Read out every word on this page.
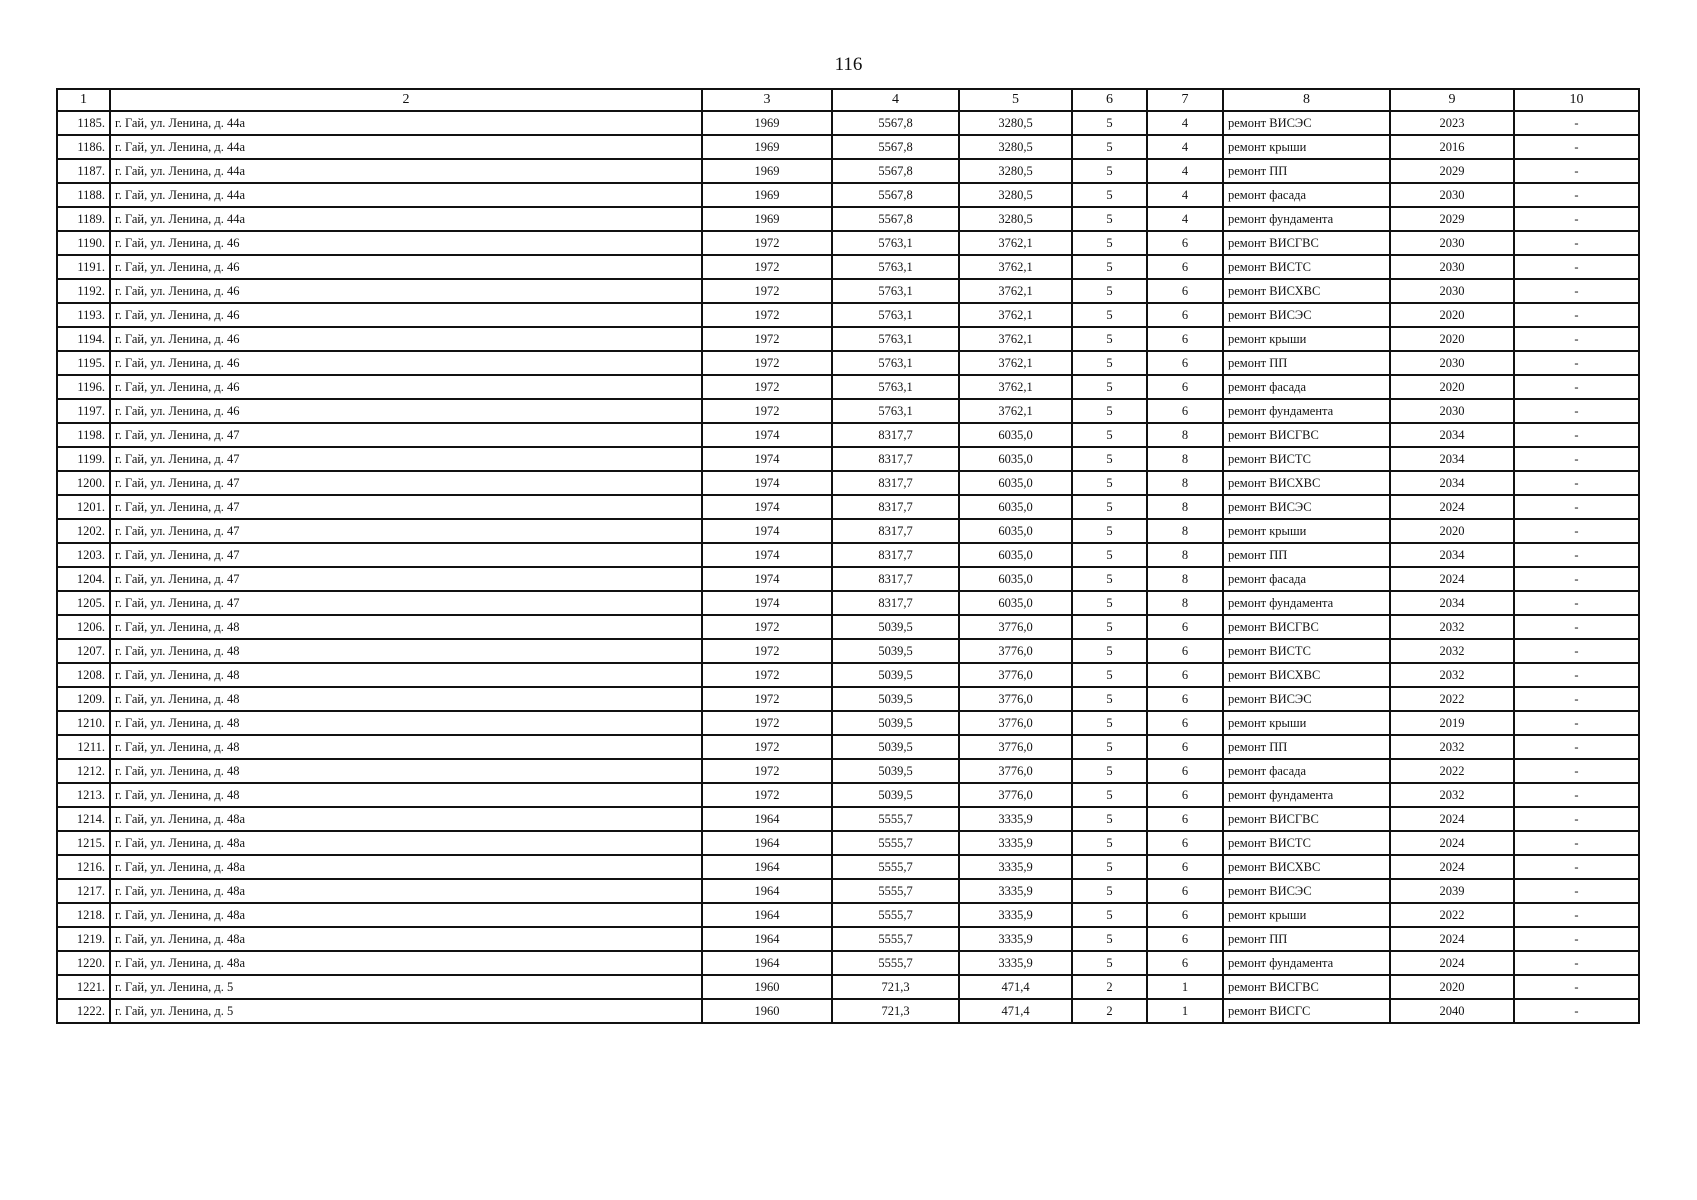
116
1	2	3	4	5	6	7	8	9	10
1185.	г. Гай, ул. Ленина, д. 44а	1969	5567,8	3280,5	5	4	ремонт ВИСЭС	2023	-
1186.	г. Гай, ул. Ленина, д. 44а	1969	5567,8	3280,5	5	4	ремонт крыши	2016	-
1187.	г. Гай, ул. Ленина, д. 44а	1969	5567,8	3280,5	5	4	ремонт ПП	2029	-
1188.	г. Гай, ул. Ленина, д. 44а	1969	5567,8	3280,5	5	4	ремонт фасада	2030	-
1189.	г. Гай, ул. Ленина, д. 44а	1969	5567,8	3280,5	5	4	ремонт фундамента	2029	-
1190.	г. Гай, ул. Ленина, д. 46	1972	5763,1	3762,1	5	6	ремонт ВИСГВС	2030	-
1191.	г. Гай, ул. Ленина, д. 46	1972	5763,1	3762,1	5	6	ремонт ВИСТС	2030	-
1192.	г. Гай, ул. Ленина, д. 46	1972	5763,1	3762,1	5	6	ремонт ВИСХВС	2030	-
1193.	г. Гай, ул. Ленина, д. 46	1972	5763,1	3762,1	5	6	ремонт ВИСЭС	2020	-
1194.	г. Гай, ул. Ленина, д. 46	1972	5763,1	3762,1	5	6	ремонт крыши	2020	-
1195.	г. Гай, ул. Ленина, д. 46	1972	5763,1	3762,1	5	6	ремонт ПП	2030	-
1196.	г. Гай, ул. Ленина, д. 46	1972	5763,1	3762,1	5	6	ремонт фасада	2020	-
1197.	г. Гай, ул. Ленина, д. 46	1972	5763,1	3762,1	5	6	ремонт фундамента	2030	-
1198.	г. Гай, ул. Ленина, д. 47	1974	8317,7	6035,0	5	8	ремонт ВИСГВС	2034	-
1199.	г. Гай, ул. Ленина, д. 47	1974	8317,7	6035,0	5	8	ремонт ВИСТС	2034	-
1200.	г. Гай, ул. Ленина, д. 47	1974	8317,7	6035,0	5	8	ремонт ВИСХВС	2034	-
1201.	г. Гай, ул. Ленина, д. 47	1974	8317,7	6035,0	5	8	ремонт ВИСЭС	2024	-
1202.	г. Гай, ул. Ленина, д. 47	1974	8317,7	6035,0	5	8	ремонт крыши	2020	-
1203.	г. Гай, ул. Ленина, д. 47	1974	8317,7	6035,0	5	8	ремонт ПП	2034	-
1204.	г. Гай, ул. Ленина, д. 47	1974	8317,7	6035,0	5	8	ремонт фасада	2024	-
1205.	г. Гай, ул. Ленина, д. 47	1974	8317,7	6035,0	5	8	ремонт фундамента	2034	-
1206.	г. Гай, ул. Ленина, д. 48	1972	5039,5	3776,0	5	6	ремонт ВИСГВС	2032	-
1207.	г. Гай, ул. Ленина, д. 48	1972	5039,5	3776,0	5	6	ремонт ВИСТС	2032	-
1208.	г. Гай, ул. Ленина, д. 48	1972	5039,5	3776,0	5	6	ремонт ВИСХВС	2032	-
1209.	г. Гай, ул. Ленина, д. 48	1972	5039,5	3776,0	5	6	ремонт ВИСЭС	2022	-
1210.	г. Гай, ул. Ленина, д. 48	1972	5039,5	3776,0	5	6	ремонт крыши	2019	-
1211.	г. Гай, ул. Ленина, д. 48	1972	5039,5	3776,0	5	6	ремонт ПП	2032	-
1212.	г. Гай, ул. Ленина, д. 48	1972	5039,5	3776,0	5	6	ремонт фасада	2022	-
1213.	г. Гай, ул. Ленина, д. 48	1972	5039,5	3776,0	5	6	ремонт фундамента	2032	-
1214.	г. Гай, ул. Ленина, д. 48а	1964	5555,7	3335,9	5	6	ремонт ВИСГВС	2024	-
1215.	г. Гай, ул. Ленина, д. 48а	1964	5555,7	3335,9	5	6	ремонт ВИСТС	2024	-
1216.	г. Гай, ул. Ленина, д. 48а	1964	5555,7	3335,9	5	6	ремонт ВИСХВС	2024	-
1217.	г. Гай, ул. Ленина, д. 48а	1964	5555,7	3335,9	5	6	ремонт ВИСЭС	2039	-
1218.	г. Гай, ул. Ленина, д. 48а	1964	5555,7	3335,9	5	6	ремонт крыши	2022	-
1219.	г. Гай, ул. Ленина, д. 48а	1964	5555,7	3335,9	5	6	ремонт ПП	2024	-
1220.	г. Гай, ул. Ленина, д. 48а	1964	5555,7	3335,9	5	6	ремонт фундамента	2024	-
1221.	г. Гай, ул. Ленина, д. 5	1960	721,3	471,4	2	1	ремонт ВИСГВС	2020	-
1222.	г. Гай, ул. Ленина, д. 5	1960	721,3	471,4	2	1	ремонт ВИСГС	2040	-
